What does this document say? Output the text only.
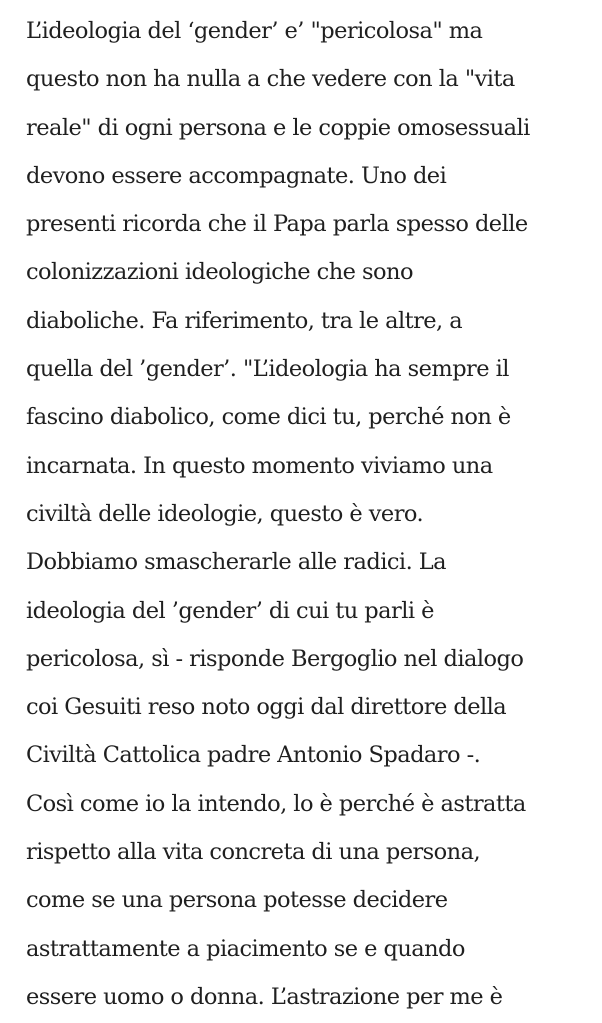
L’ideologia del ‘gender’ e’ "pericolosa" ma
questo non ha nulla a che vedere con la "vita
reale" di ogni persona e le coppie omosessuali
devono essere accompagnate. Uno dei
presenti ricorda che il Papa parla spesso delle
colonizzazioni ideologiche che sono
diaboliche. Fa riferimento, tra le altre, a
quella del ’gender’. "L’ideologia ha sempre il
fascino diabolico, come dici tu, perché non è
incarnata. In questo momento viviamo una
civiltà delle ideologie, questo è vero.
Dobbiamo smascherarle alle radici. La
ideologia del ’gender’ di cui tu parli è
pericolosa, sì - risponde Bergoglio nel dialogo
coi Gesuiti reso noto oggi dal direttore della
Civiltà Cattolica padre Antonio Spadaro -.
Così come io la intendo, lo è perché è astratta
rispetto alla vita concreta di una persona,
come se una persona potesse decidere
astrattamente a piacimento se e quando
essere uomo o donna. L’astrazione per me è
